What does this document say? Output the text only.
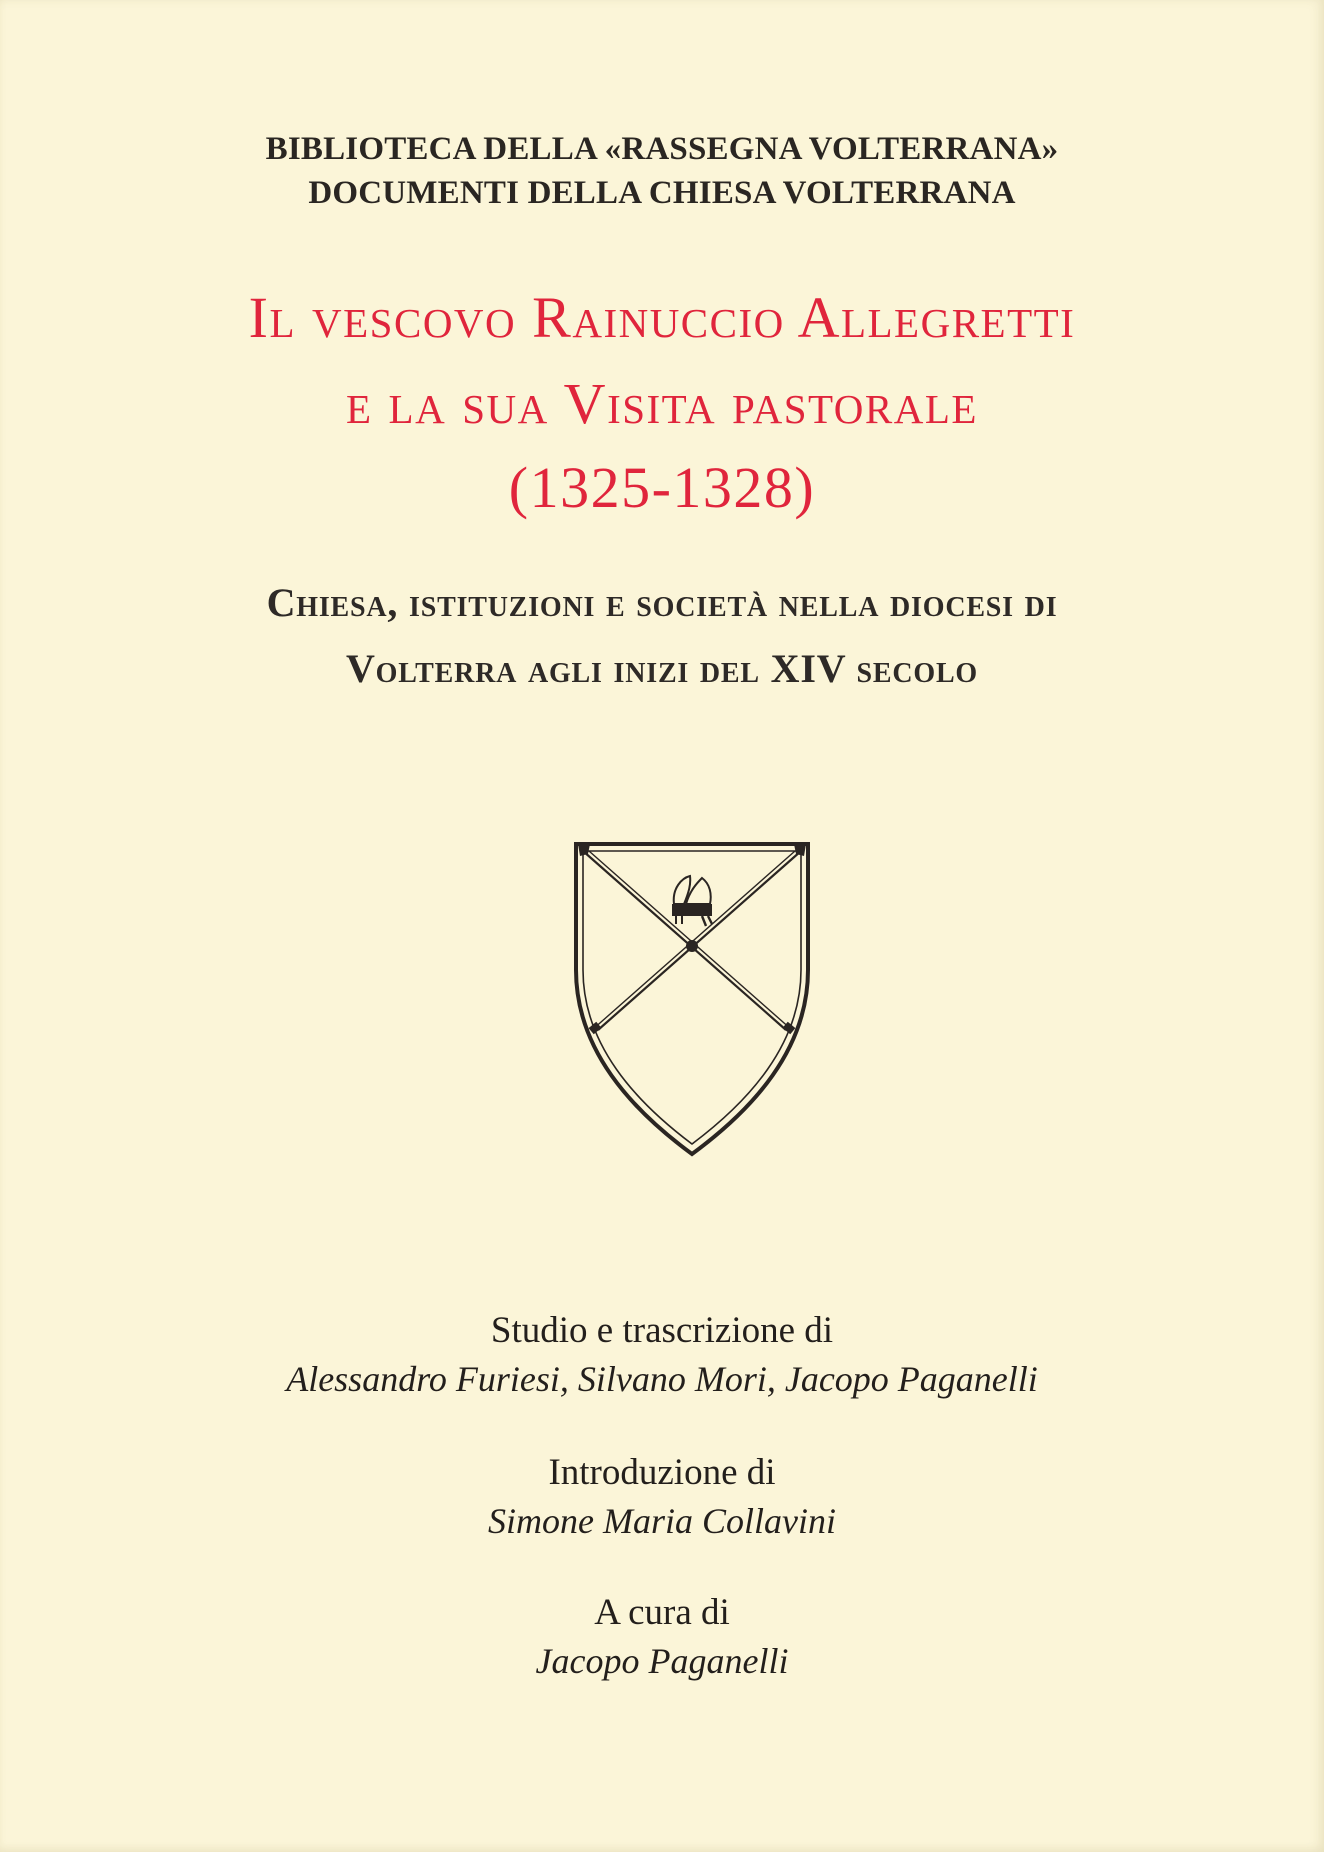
BIBLIOTECA DELLA «RASSEGNA VOLTERRANA»

DOCUMENTI DELLA CHIESA VOLTERRANA

Il vescovo Rainuccio Allegretti

e la sua Visita pastorale

(1325-1328)

Chiesa, istituzioni e società nella diocesi di

Volterra agli inizi del XIV secolo

Studio e trascrizione di

Alessandro Furiesi, Silvano Mori, Jacopo Paganelli

Introduzione di

Simone Maria Collavini

A cura di

Jacopo Paganelli
